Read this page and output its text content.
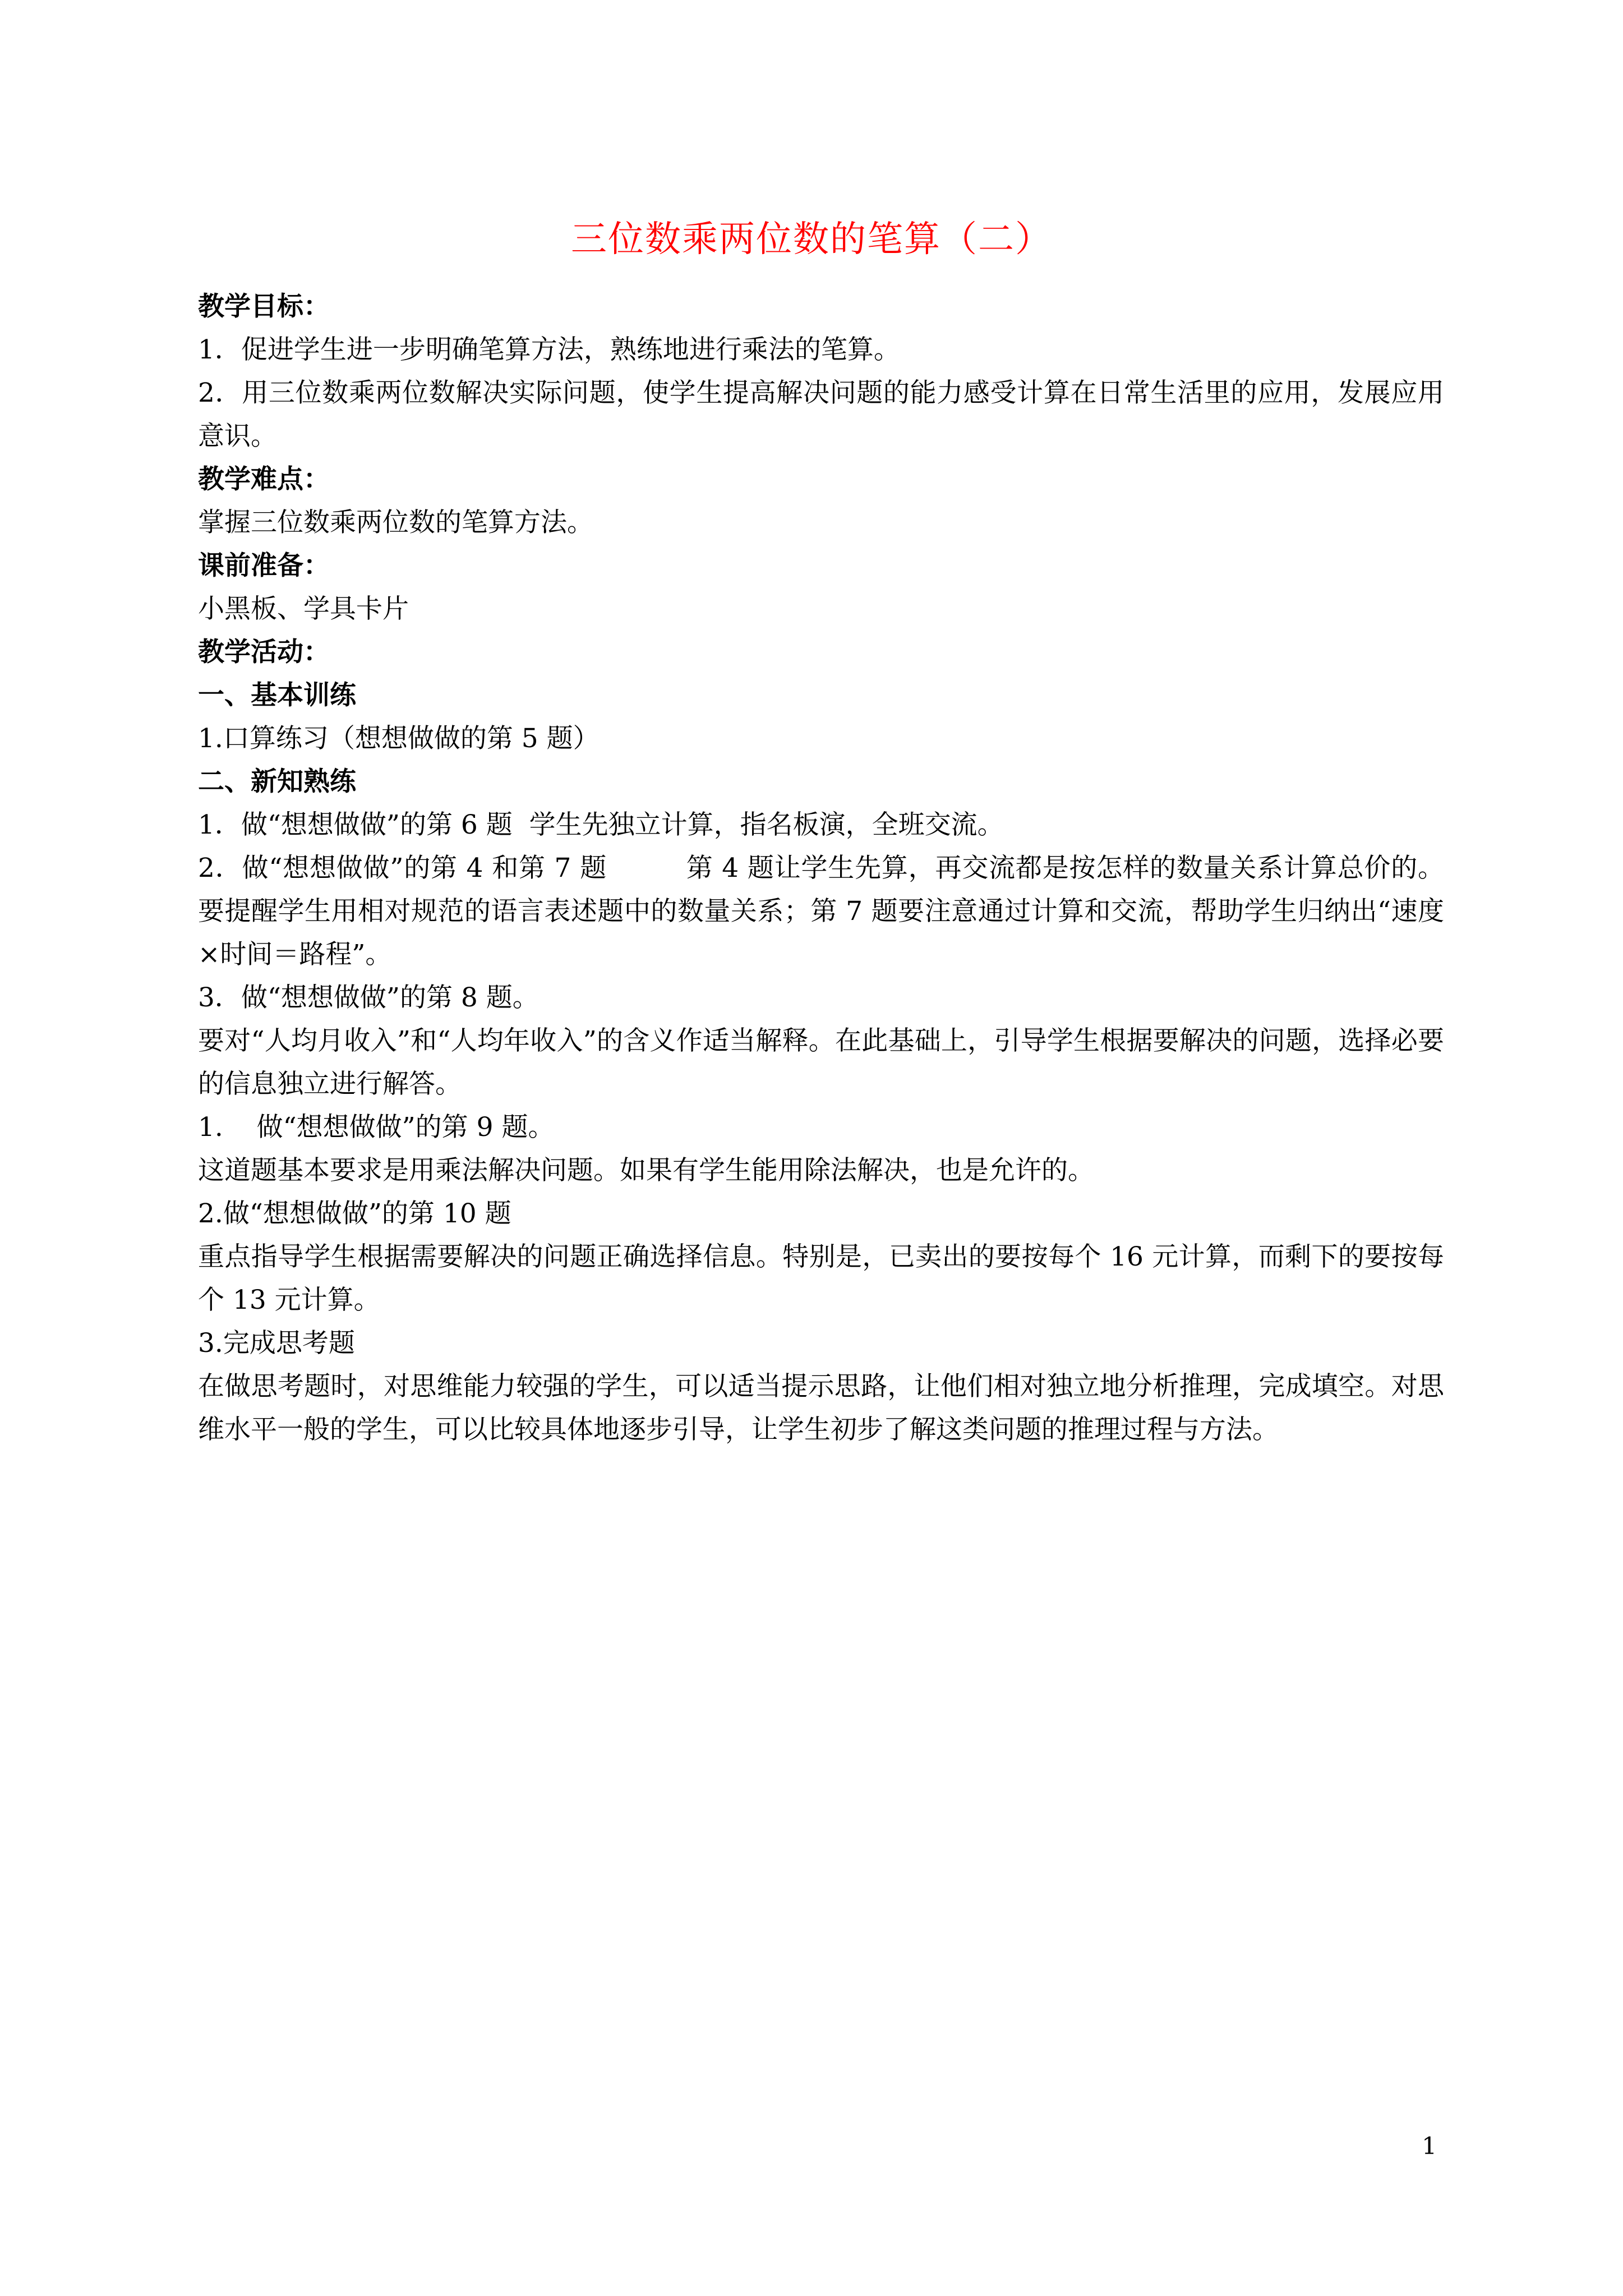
三位数乘两位数的笔算（二）
教学目标：
1．促进学生进一步明确笔算方法，熟练地进行乘法的笔算。
2．用三位数乘两位数解决实际问题，使学生提高解决问题的能力感受计算在日常生活里的应用，发展应用意识。
教学难点：
掌握三位数乘两位数的笔算方法。
课前准备：
小黑板、学具卡片
教学活动：
一、基本训练
1.口算练习（想想做做的第 5 题）
二、新知熟练
1．做“想想做做”的第 6 题  学生先独立计算，指名板演，全班交流。
2．做“想想做做”的第 4 和第 7 题         第 4 题让学生先算，再交流都是按怎样的数量关系计算总价的。要提醒学生用相对规范的语言表述题中的数量关系；第 7 题要注意通过计算和交流，帮助学生归纳出“速度×时间＝路程”。
3．做“想想做做”的第 8 题。
要对“人均月收入”和“人均年收入”的含义作适当解释。在此基础上，引导学生根据要解决的问题，选择必要的信息独立进行解答。
1.    做“想想做做”的第 9 题。
这道题基本要求是用乘法解决问题。如果有学生能用除法解决，也是允许的。
2.做“想想做做”的第 10 题
重点指导学生根据需要解决的问题正确选择信息。特别是，已卖出的要按每个 16 元计算，而剩下的要按每个 13 元计算。
3.完成思考题
在做思考题时，对思维能力较强的学生，可以适当提示思路，让他们相对独立地分析推理，完成填空。对思维水平一般的学生，可以比较具体地逐步引导，让学生初步了解这类问题的推理过程与方法。
1
